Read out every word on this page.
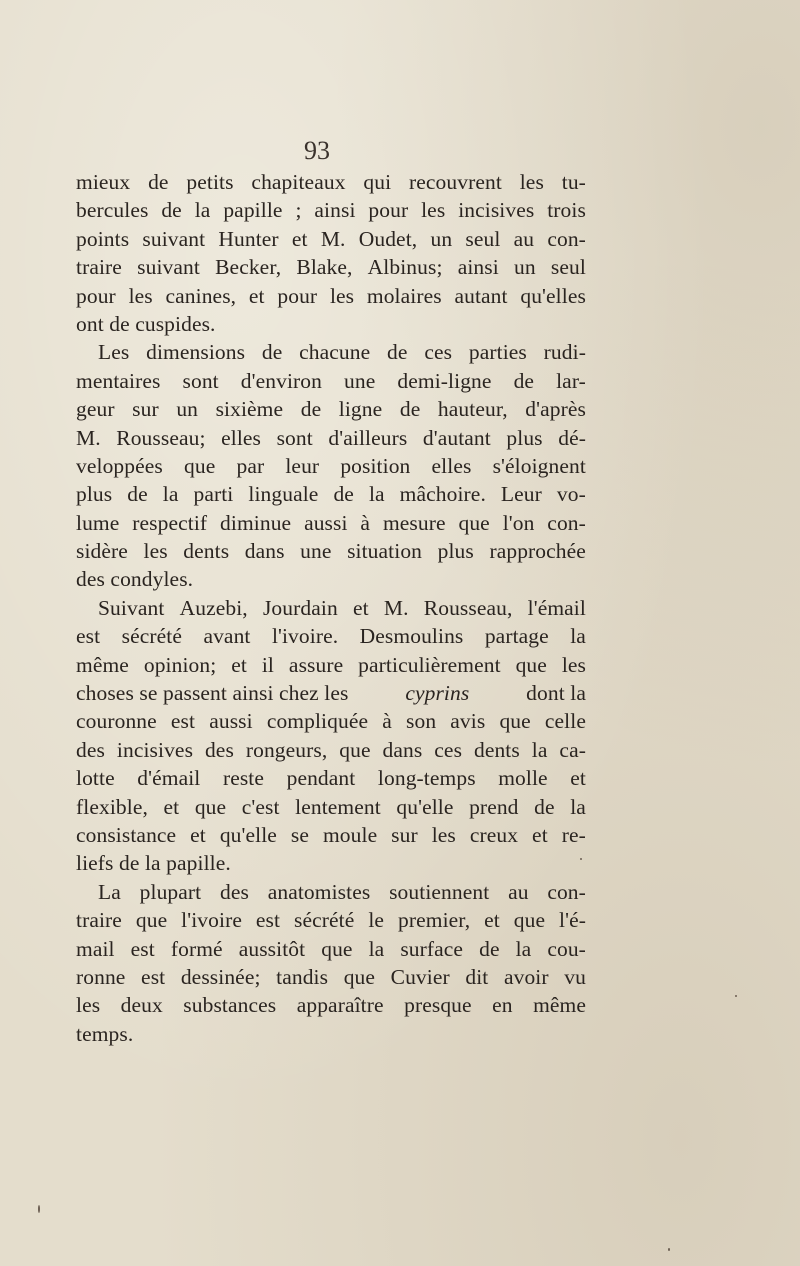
93
mieux de petits chapiteaux qui recouvrent les tu-
bercules de la papille ; ainsi pour les incisives trois
points suivant Hunter et M. Oudet, un seul au con-
traire suivant Becker, Blake, Albinus; ainsi un seul
pour les canines, et pour les molaires autant qu'elles
ont de cuspides.
Les dimensions de chacune de ces parties rudi-
mentaires sont d'environ une demi-ligne de lar-
geur sur un sixième de ligne de hauteur, d'après
M. Rousseau; elles sont d'ailleurs d'autant plus dé-
veloppées que par leur position elles s'éloignent
plus de la parti linguale de la mâchoire. Leur vo-
lume respectif diminue aussi à mesure que l'on con-
sidère les dents dans une situation plus rapprochée
des condyles.
Suivant Auzebi, Jourdain et M. Rousseau, l'émail
est sécrété avant l'ivoire. Desmoulins partage la
même opinion; et il assure particulièrement que les
choses se passent ainsi chez les	cyprins	dont la
couronne est aussi compliquée à son avis que celle
des incisives des rongeurs, que dans ces dents la ca-
lotte d'émail reste pendant long-temps molle et
flexible, et que c'est lentement qu'elle prend de la
consistance et qu'elle se moule sur les creux et re-
liefs de la papille.
La plupart des anatomistes soutiennent au con-
traire que l'ivoire est sécrété le premier, et que l'é-
mail est formé aussitôt que la surface de la cou-
ronne est dessinée; tandis que Cuvier dit avoir vu
les deux substances apparaître presque en même
temps.
